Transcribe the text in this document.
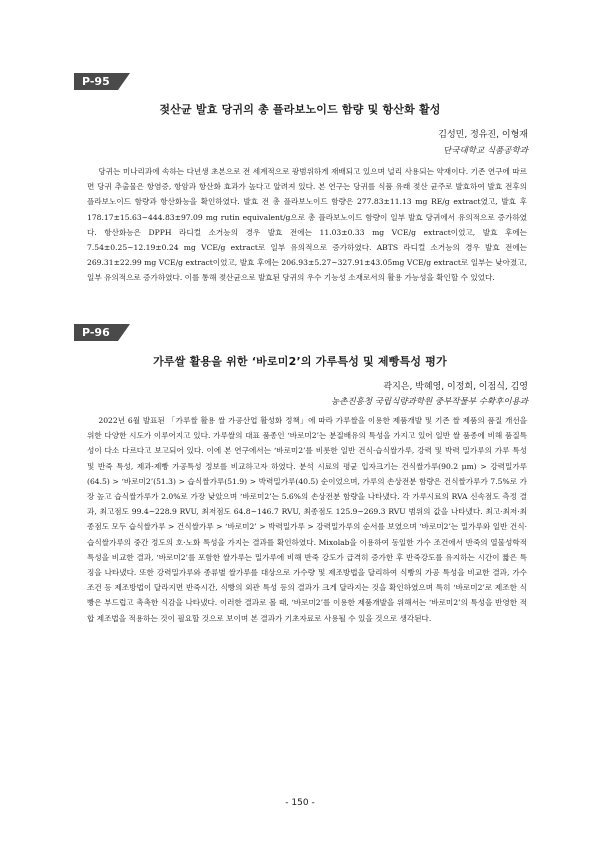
P-95
젖산균 발효 당귀의 총 플라보노이드 함량 및 항산화 활성

김성민, 정유진, 이형재

단국대학교 식품공학과

당귀는 미나리과에 속하는 다년생 초본으로 전 세계적으로 광범위하게 재배되고 있으며 널리 사용되는 약재이다. 기존 연구에 따르면 당귀 추출물은 항염증, 항암과 항산화 효과가 높다고 알려져 있다. 본 연구는 당귀를 식품 유래 젖산 균주로 발효하여 발효 전후의 플라보노이드 함량과 항산화능을 확인하였다. 발효 전 총 플라보노이드 함량은 277.83±11.13 mg RE/g extract였고, 발효 후 178.17±15.63~444.83±97.09 mg rutin equivalent/g으로 총 플라보노이드 함량이 일부 발효 당귀에서 유의적으로 증가하였다. 항산화능은 DPPH 라디컬 소거능의 경우 발효 전에는 11.03±0.33 mg VCE/g extract이었고, 발효 후에는 7.54±0.25~12.19±0.24 mg VCE/g extract로 일부 유의적으로 증가하였다. ABTS 라디컬 소거능의 경우 발효 전에는 269.31±22.99 mg VCE/g extract이었고, 발효 후에는 206.93±5.27~327.91±43.05mg VCE/g extract로 일부는 낮아졌고, 일부 유의적으로 증가하였다. 이를 통해 젖산균으로 발효된 당귀의 우수 기능성 소재로서의 활용 가능성을 확인할 수 있었다.

P-96
가루쌀 활용을 위한 ‘바로미2’의 가루특성 및 제빵특성 평가

곽지은, 박혜영, 이정희, 이점식, 김영

농촌진흥청 국립식량과학원 중부작물부 수확후이용과

2022년 6월 발표된 「가루쌀 활용 쌀 가공산업 활성화 정책」에 따라 가루쌀을 이용한 제품개발 및 기존 쌀 제품의 품질 개선을 위한 다양한 시도가 이루어지고 있다. 가루쌀의 대표 품종인 ‘바로미2’는 분질배유의 특성을 가지고 있어 일반 쌀 품종에 비해 품질특성이 다소 다르다고 보고되어 있다. 이에 본 연구에서는 ‘바로미2’를 비롯한 일반 건식·습식쌀가루, 강력 및 박력 밀가루의 가루 특성 및 반죽 특성, 제과·제빵 가공특성 정보를 비교하고자 하였다. 분석 시료의 평균 입자크기는 건식쌀가루(90.2 μm) > 강력밀가루(64.5) > ‘바로미2’(51.3) > 습식쌀가루(51.9) > 박력밀가루(40.5) 순이었으며, 가루의 손상전분 함량은 건식쌀가루가 7.5%로 가장 높고 습식쌀가루가 2.0%로 가장 낮았으며 ‘바로미2’는 5.6%의 손상전분 함량을 나타냈다. 각 가루시료의 RVA 신속점도 측정 결과, 최고점도 99.4~228.9 RVU, 최저점도 64.8~146.7 RVU, 최종점도 125.9~269.3 RVU 범위의 값을 나타냈다. 최고·최저·최종점도 모두 습식쌀가루 > 건식쌀가루 > ‘바로미2’ > 박력밀가루 > 강력밀가루의 순서를 보였으며 ‘바로미2’는 밀가루와 일반 건식·습식쌀가루의 중간 정도의 호·노화 특성을 가지는 결과를 확인하였다. Mixolab을 이용하여 동일한 가수 조건에서 반죽의 열물성학적 특성을 비교한 결과, ‘바로미2’를 포함한 쌀가루는 밀가루에 비해 반죽 강도가 급격히 증가한 후 반죽강도를 유지하는 시간이 짧은 특징을 나타냈다. 또한 강력밀가루와 종류별 쌀가루를 대상으로 가수량 및 제조방법을 달리하여 식빵의 가공 특성을 비교한 결과, 가수 조건 등 제조방법이 달라지면 반죽시간, 식빵의 외관 특성 등의 결과가 크게 달라지는 것을 확인하였으며 특히 ‘바로미2’로 제조한 식빵은 부드럽고 촉촉한 식감을 나타냈다. 이러한 결과로 볼 때, ‘바로미2’를 이용한 제품개발을 위해서는 ‘바로미2’의 특성을 반영한 적합 제조법을 적용하는 것이 필요할 것으로 보이며 본 결과가 기초자료로 사용될 수 있을 것으로 생각된다.

- 150 -
